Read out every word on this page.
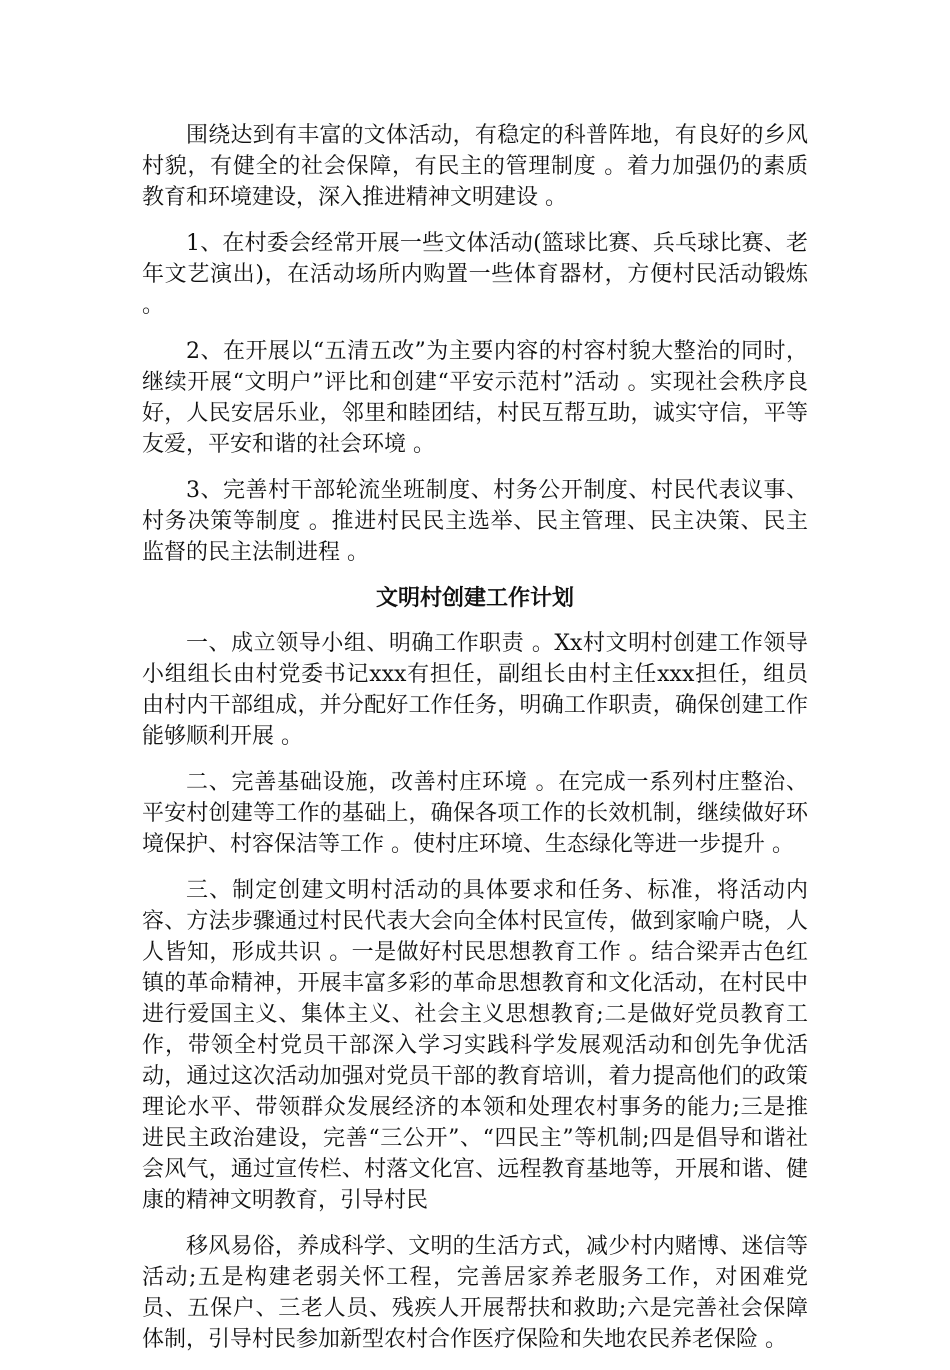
围绕达到有丰富的文体活动，有稳定的科普阵地，有良好的乡风村貌，有健全的社会保障，有民主的管理制度 。着力加强仍的素质教育和环境建设，深入推进精神文明建设 。

1、在村委会经常开展一些文体活动(篮球比赛、兵乓球比赛、老年文艺演出)，在活动场所内购置一些体育器材，方便村民活动锻炼 。

2、在开展以“五清五改”为主要内容的村容村貌大整治的同时，继续开展“文明户”评比和创建“平安示范村”活动 。实现社会秩序良好，人民安居乐业，邻里和睦团结，村民互帮互助，诚实守信，平等友爱，平安和谐的社会环境 。

3、完善村干部轮流坐班制度、村务公开制度、村民代表议事、村务决策等制度 。推进村民民主选举、民主管理、民主决策、民主监督的民主法制进程 。

文明村创建工作计划

一、成立领导小组、明确工作职责 。Xx村文明村创建工作领导小组组长由村党委书记xxx有担任，副组长由村主任xxx担任，组员由村内干部组成，并分配好工作任务，明确工作职责，确保创建工作能够顺利开展 。

二、完善基础设施，改善村庄环境 。在完成一系列村庄整治、平安村创建等工作的基础上，确保各项工作的长效机制，继续做好环境保护、村容保洁等工作 。使村庄环境、生态绿化等进一步提升 。

三、制定创建文明村活动的具体要求和任务、标准，将活动内容、方法步骤通过村民代表大会向全体村民宣传，做到家喻户晓，人人皆知，形成共识 。一是做好村民思想教育工作 。结合梁弄古色红镇的革命精神，开展丰富多彩的革命思想教育和文化活动，在村民中进行爱国主义、集体主义、社会主义思想教育;二是做好党员教育工作，带领全村党员干部深入学习实践科学发展观活动和创先争优活动，通过这次活动加强对党员干部的教育培训，着力提高他们的政策理论水平、带领群众发展经济的本领和处理农村事务的能力;三是推进民主政治建设，完善“三公开”、“四民主”等机制;四是倡导和谐社会风气，通过宣传栏、村落文化宫、远程教育基地等，开展和谐、健康的精神文明教育，引导村民

移风易俗，养成科学、文明的生活方式，减少村内赌博、迷信等活动;五是构建老弱关怀工程，完善居家养老服务工作，对困难党员、五保户、三老人员、残疾人开展帮扶和救助;六是完善社会保障体制，引导村民参加新型农村合作医疗保险和失地农民养老保险 。
